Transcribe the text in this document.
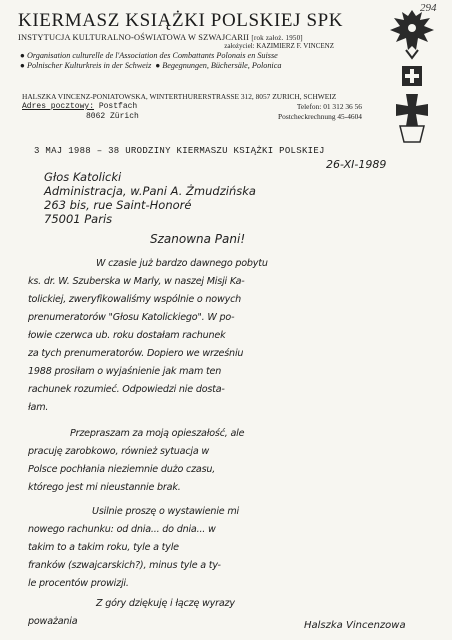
294
KIERMASZ KSIĄŻKI POLSKIEJ SPK
INSTYTUCJA KULTURALNO-OŚWIATOWA W SZWAJCARII [rok założ. 1950]
założyciel: KAZIMIERZ F. VINCENZ
● Organisation culturelle de l'Association des Combattants Polonais en Suisse
● Polnischer Kulturkreis in der Schweiz ● Begegnungen, Büchersäle, Polonica
HALSZKA VINCENZ-PONIATOWSKA, WINTERTHURERSTRASSE 312, 8057 ZURICH, SCHWEIZ
Adres pocztowy: Postfach	Telefon: 01 312 36 56
8062 Zürich	Postcheckrechnung 45-4604
3 MAJ 1988 – 38 URODZINY KIERMASZU KSIĄŻKI POLSKIEJ
26-XI-1989
Głos Katolicki
Administracja, w.Pani A. Żmudzińska
263 bis, rue Saint-Honoré
75001 Paris
Szanowna Pani!
W czasie już bardzo dawnego pobytu
ks. dr. W. Szuberska w Marly, w naszej Misji Ka-
tolickiej, zweryfikowaliśmy wspólnie o nowych
prenumeratorów "Głosu Katolickiego". W po-
łowie czerwca ub. roku dostałam rachunek
za tych prenumeratorów. Dopiero we wrześniu
1988 prosiłam o wyjaśnienie jak mam ten
rachunek rozumieć. Odpowiedzi nie dosta-
łam.
Przepraszam za moją opieszałość, ale
pracuję zarobkowo, również sytuacja w
Polsce pochłania nieziemnie dużo czasu,
którego jest mi nieustannie brak.
Usilnie proszę o wystawienie mi
nowego rachunku: od dnia... do dnia... w
takim to a takim roku, tyle a tyle
franków (szwajcarskich?), minus tyle a ty-
le procentów prowizji.
Z góry dziękuję i łączę wyrazy
poważania	Halszka Vincenzowa
